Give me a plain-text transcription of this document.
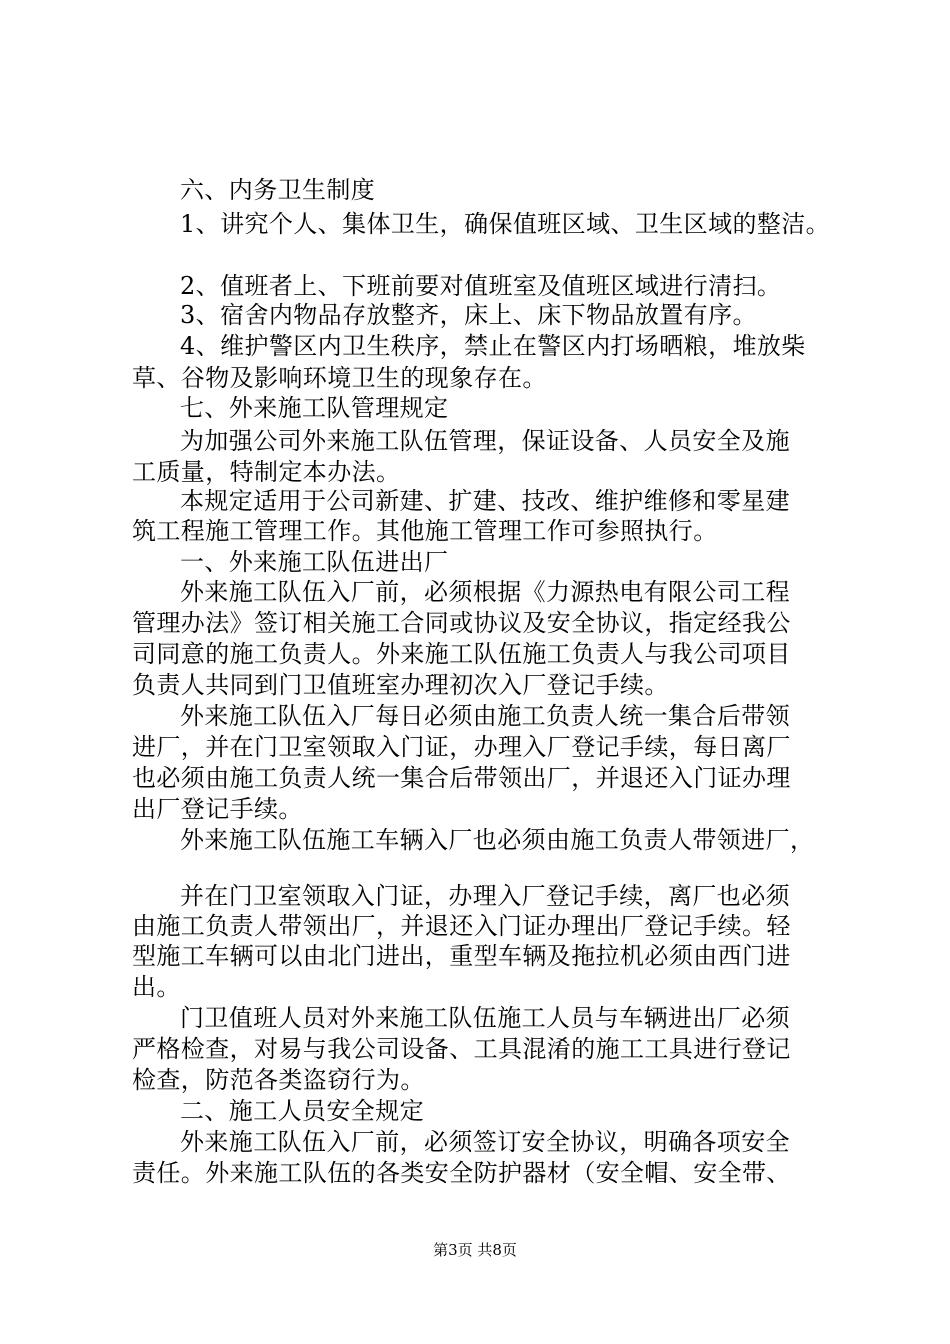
六、内务卫生制度
1、讲究个人、集体卫生，确保值班区域、卫生区域的整洁。
2、值班者上、下班前要对值班室及值班区域进行清扫。
3、宿舍内物品存放整齐，床上、床下物品放置有序。
4、维护警区内卫生秩序，禁止在警区内打场晒粮，堆放柴
草、谷物及影响环境卫生的现象存在。
七、外来施工队管理规定
为加强公司外来施工队伍管理，保证设备、人员安全及施
工质量，特制定本办法。
本规定适用于公司新建、扩建、技改、维护维修和零星建
筑工程施工管理工作。其他施工管理工作可参照执行。
一、外来施工队伍进出厂
外来施工队伍入厂前，必须根据《力源热电有限公司工程
管理办法》签订相关施工合同或协议及安全协议，指定经我公
司同意的施工负责人。外来施工队伍施工负责人与我公司项目
负责人共同到门卫值班室办理初次入厂登记手续。
外来施工队伍入厂每日必须由施工负责人统一集合后带领
进厂，并在门卫室领取入门证，办理入厂登记手续，每日离厂
也必须由施工负责人统一集合后带领出厂，并退还入门证办理
出厂登记手续。
外来施工队伍施工车辆入厂也必须由施工负责人带领进厂，
并在门卫室领取入门证，办理入厂登记手续，离厂也必须
由施工负责人带领出厂，并退还入门证办理出厂登记手续。轻
型施工车辆可以由北门进出，重型车辆及拖拉机必须由西门进
出。
门卫值班人员对外来施工队伍施工人员与车辆进出厂必须
严格检查，对易与我公司设备、工具混淆的施工工具进行登记
检查，防范各类盗窃行为。
二、施工人员安全规定
外来施工队伍入厂前，必须签订安全协议，明确各项安全
责任。外来施工队伍的各类安全防护器材（安全帽、安全带、
第3页 共8页
